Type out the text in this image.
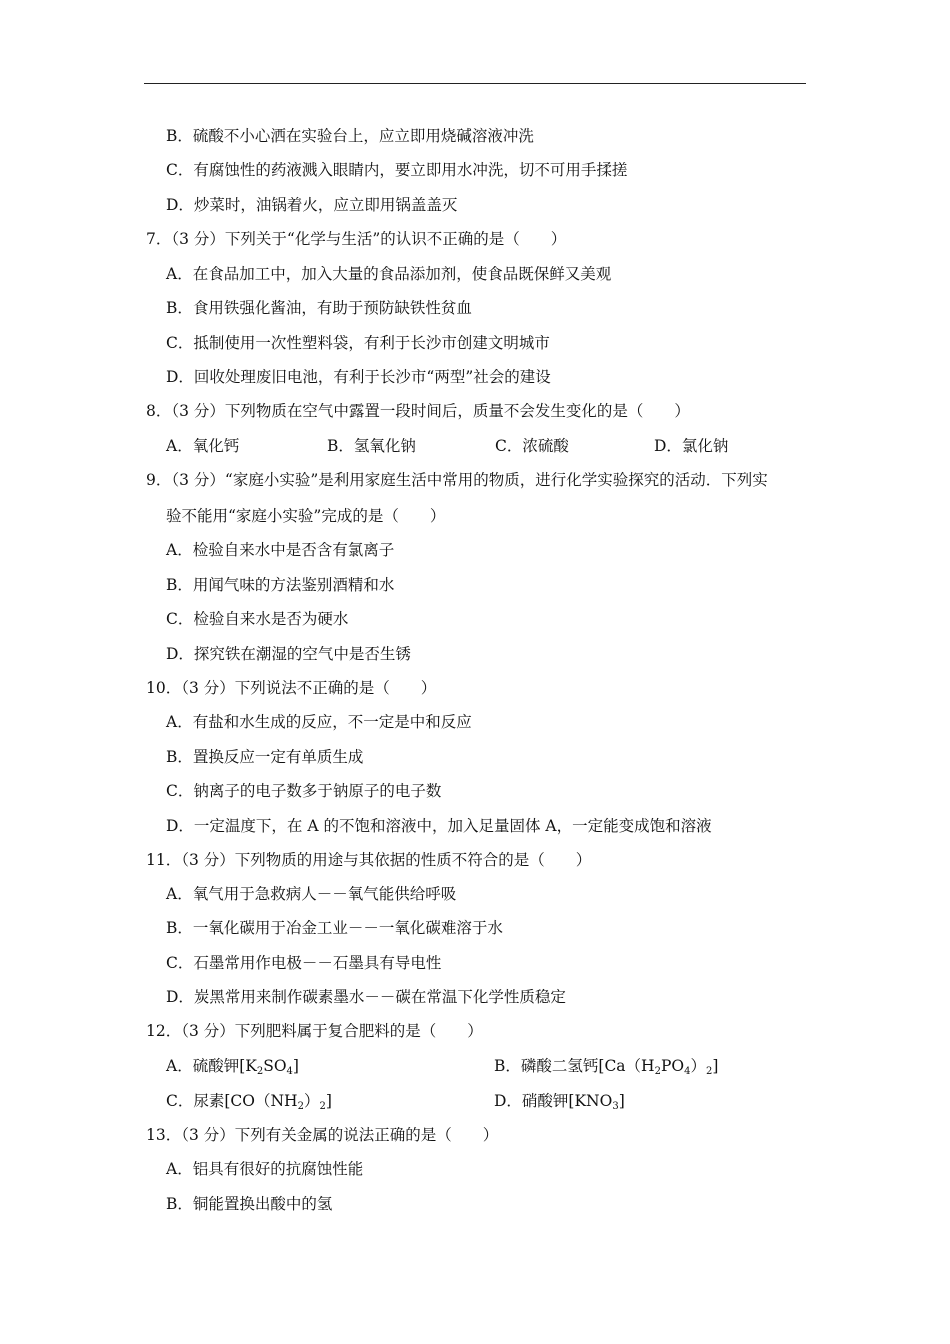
B．硫酸不小心洒在实验台上，应立即用烧碱溶液冲洗
C．有腐蚀性的药液溅入眼睛内，要立即用水冲洗，切不可用手揉搓
D．炒菜时，油锅着火，应立即用锅盖盖灭
7．（3 分）下列关于“化学与生活”的认识不正确的是（　　）
A．在食品加工中，加入大量的食品添加剂，使食品既保鲜又美观
B．食用铁强化酱油，有助于预防缺铁性贫血
C．抵制使用一次性塑料袋，有利于长沙市创建文明城市
D．回收处理废旧电池，有利于长沙市“两型”社会的建设
8．（3 分）下列物质在空气中露置一段时间后，质量不会发生变化的是（　　）
A．氧化钙	B．氢氧化钠	C．浓硫酸	D．氯化钠
9．（3 分）“家庭小实验”是利用家庭生活中常用的物质，进行化学实验探究的活动．下列实
验不能用“家庭小实验”完成的是（　　）
A．检验自来水中是否含有氯离子
B．用闻气味的方法鉴别酒精和水
C．检验自来水是否为硬水
D．探究铁在潮湿的空气中是否生锈
10．（3 分）下列说法不正确的是（　　）
A．有盐和水生成的反应，不一定是中和反应
B．置换反应一定有单质生成
C．钠离子的电子数多于钠原子的电子数
D．一定温度下，在 A 的不饱和溶液中，加入足量固体 A，一定能变成饱和溶液
11．（3 分）下列物质的用途与其依据的性质不符合的是（　　）
A．氧气用于急救病人－－氧气能供给呼吸
B．一氧化碳用于冶金工业－－一氧化碳难溶于水
C．石墨常用作电极－－石墨具有导电性
D．炭黑常用来制作碳素墨水－－碳在常温下化学性质稳定
12．（3 分）下列肥料属于复合肥料的是（　　）
A．硫酸钾$[K_2SO_4]$	B．磷酸二氢钙$[Ca(H_2PO_4)_2]$
C．尿素$[CO(NH_2)_2]$	D．硝酸钾$[KNO_3]$
13．（3 分）下列有关金属的说法正确的是（　　）
A．铝具有很好的抗腐蚀性能
B．铜能置换出酸中的氢
